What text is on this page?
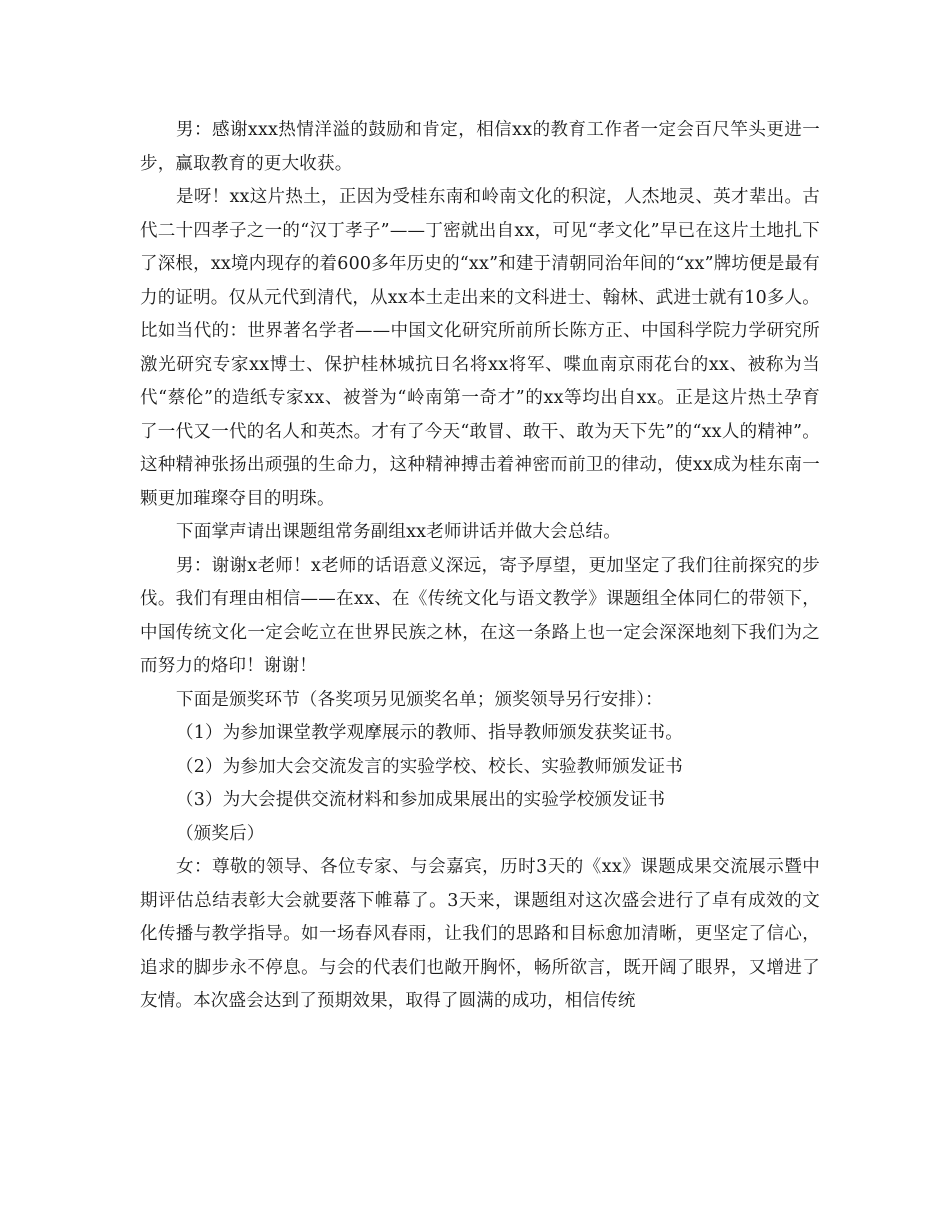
男：感谢xxx热情洋溢的鼓励和肯定，相信xx的教育工作者一定会百尺竿头更进一步，赢取教育的更大收获。

是呀！xx这片热土，正因为受桂东南和岭南文化的积淀，人杰地灵、英才辈出。古代二十四孝子之一的“汉丁孝子”——丁密就出自xx，可见“孝文化”早已在这片土地扎下了深根，xx境内现存的着600多年历史的“xx”和建于清朝同治年间的“xx”牌坊便是最有力的证明。仅从元代到清代，从xx本土走出来的文科进士、翰林、武进士就有10多人。比如当代的：世界著名学者——中国文化研究所前所长陈方正、中国科学院力学研究所激光研究专家xx博士、保护桂林城抗日名将xx将军、喋血南京雨花台的xx、被称为当代“蔡伦”的造纸专家xx、被誉为“岭南第一奇才”的xx等均出自xx。正是这片热土孕育了一代又一代的名人和英杰。才有了今天“敢冒、敢干、敢为天下先”的“xx人的精神”。这种精神张扬出顽强的生命力，这种精神搏击着神密而前卫的律动，使xx成为桂东南一颗更加璀璨夺目的明珠。

下面掌声请出课题组常务副组xx老师讲话并做大会总结。

男：谢谢x老师！x老师的话语意义深远，寄予厚望，更加坚定了我们往前探究的步伐。我们有理由相信——在xx、在《传统文化与语文教学》课题组全体同仁的带领下，中国传统文化一定会屹立在世界民族之林，在这一条路上也一定会深深地刻下我们为之而努力的烙印！谢谢！

下面是颁奖环节（各奖项另见颁奖名单；颁奖领导另行安排）：

（1）为参加课堂教学观摩展示的教师、指导教师颁发获奖证书。

（2）为参加大会交流发言的实验学校、校长、实验教师颁发证书

（3）为大会提供交流材料和参加成果展出的实验学校颁发证书

（颁奖后）

女：尊敬的领导、各位专家、与会嘉宾，历时3天的《xx》课题成果交流展示暨中期评估总结表彰大会就要落下帷幕了。3天来，课题组对这次盛会进行了卓有成效的文化传播与教学指导。如一场春风春雨，让我们的思路和目标愈加清晰，更坚定了信心，追求的脚步永不停息。与会的代表们也敞开胸怀，畅所欲言，既开阔了眼界，又增进了友情。本次盛会达到了预期效果，取得了圆满的成功，相信传统
